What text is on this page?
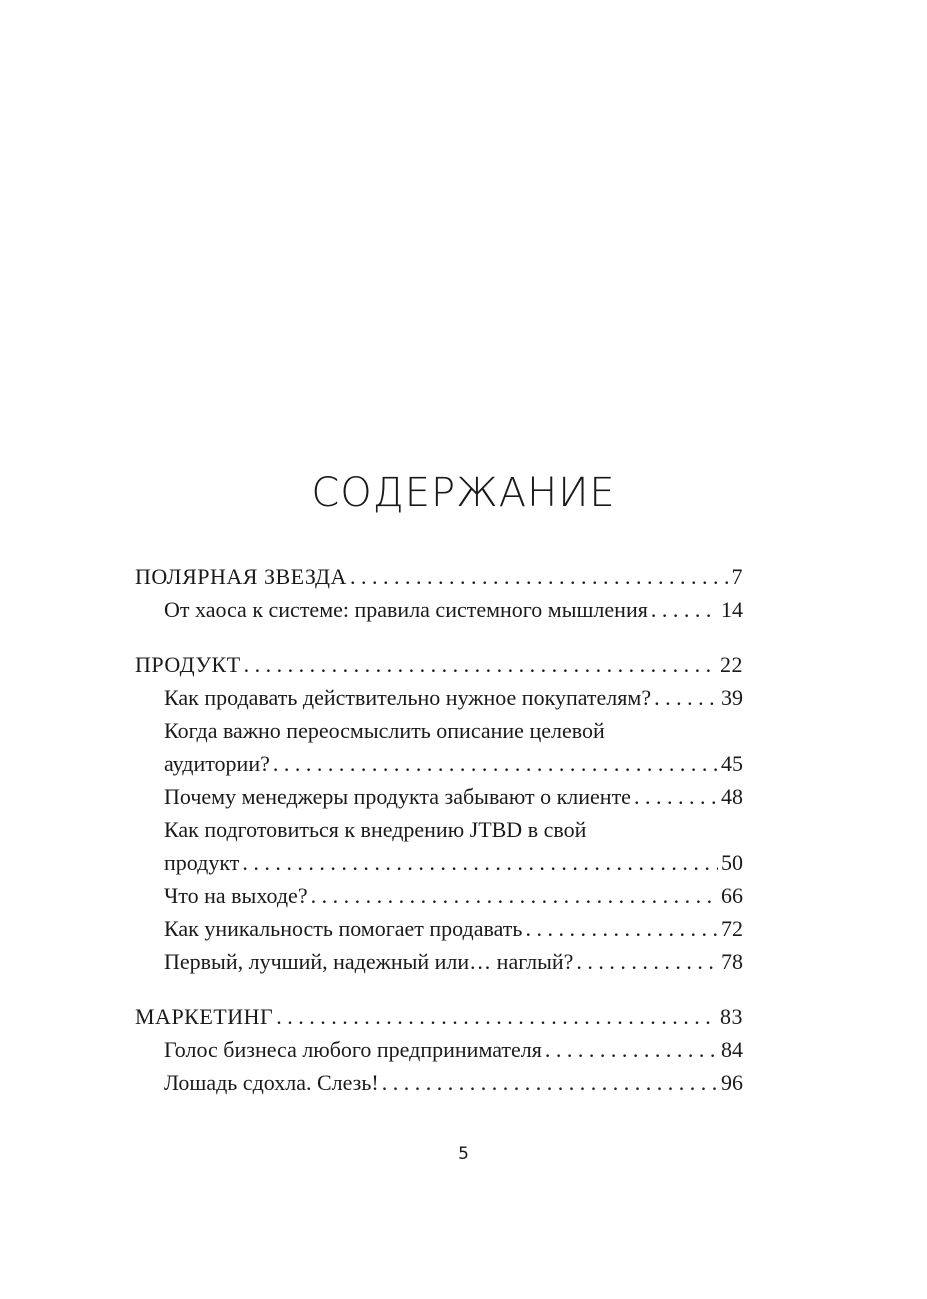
СОДЕРЖАНИЕ
ПОЛЯРНАЯ ЗВЕЗДА . . .	7
От хаоса к системе: правила системного мышления . . .	14
ПРОДУКТ . . .	22
Как продавать действительно нужное покупателям? . . .	39
Когда важно переосмыслить описание целевой
аудитории? . . .	45
Почему менеджеры продукта забывают о клиенте . . .	48
Как подготовиться к внедрению JTBD в свой
продукт . . .	50
Что на выходе? . . .	66
Как уникальность помогает продавать . . .	72
Первый, лучший, надежный или… наглый? . . .	78
МАРКЕТИНГ . . .	83
Голос бизнеса любого предпринимателя . . .	84
Лошадь сдохла. Слезь! . . .	96
5
